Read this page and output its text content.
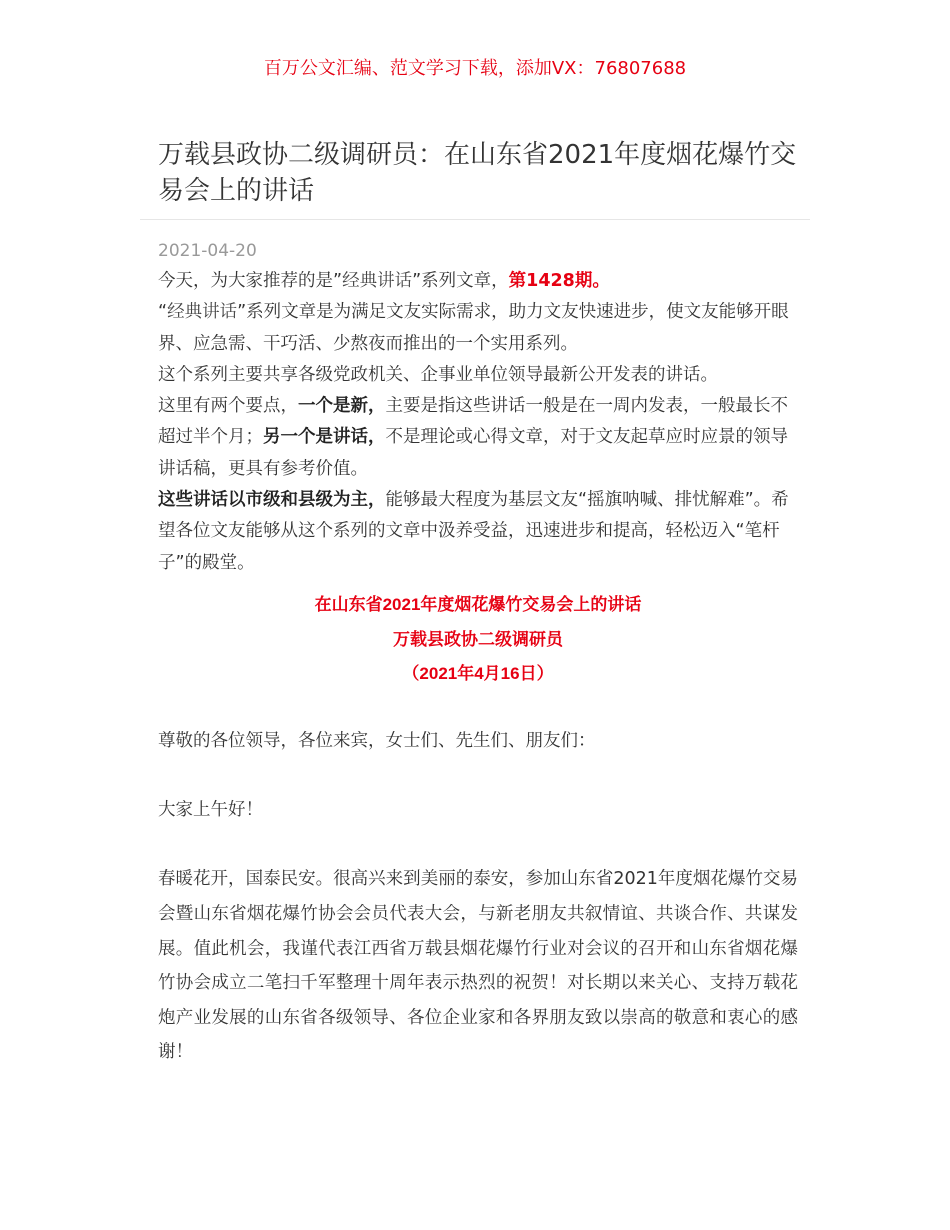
百万公文汇编、范文学习下载，添加VX：76807688
万载县政协二级调研员：在山东省2021年度烟花爆竹交易会上的讲话
2021-04-20

今天，为大家推荐的是”经典讲话”系列文章，第1428期。

“经典讲话”系列文章是为满足文友实际需求，助力文友快速进步，使文友能够开眼界、应急需、干巧活、少熬夜而推出的一个实用系列。

这个系列主要共享各级党政机关、企事业单位领导最新公开发表的讲话。

这里有两个要点，一个是新，主要是指这些讲话一般是在一周内发表，一般最长不超过半个月；另一个是讲话，不是理论或心得文章，对于文友起草应时应景的领导讲话稿，更具有参考价值。

这些讲话以市级和县级为主，能够最大程度为基层文友“摇旗呐喊、排忧解难”。希望各位文友能够从这个系列的文章中汲养受益，迅速进步和提高，轻松迈入“笔杆子”的殿堂。

在山东省2021年度烟花爆竹交易会上的讲话
万载县政协二级调研员
（2021年4月16日）

尊敬的各位领导，各位来宾，女士们、先生们、朋友们：

大家上午好！

春暖花开，国泰民安。很高兴来到美丽的泰安，参加山东省2021年度烟花爆竹交易会暨山东省烟花爆竹协会会员代表大会，与新老朋友共叙情谊、共谈合作、共谋发展。值此机会，我谨代表江西省万载县烟花爆竹行业对会议的召开和山东省烟花爆竹协会成立二笔扫千军整理十周年表示热烈的祝贺！对长期以来关心、支持万载花炮产业发展的山东省各级领导、各位企业家和各界朋友致以崇高的敬意和衷心的感谢！
